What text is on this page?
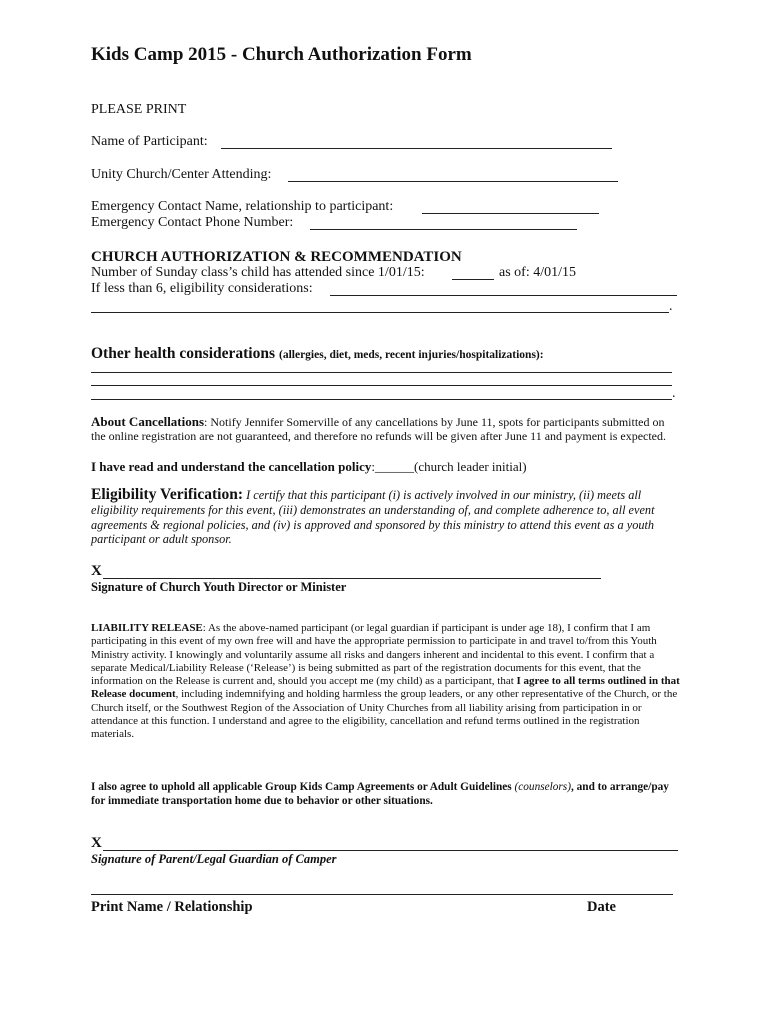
Kids Camp 2015 - Church Authorization Form
PLEASE PRINT
Name of Participant:
Unity Church/Center Attending:
Emergency Contact Name, relationship to participant:
Emergency Contact Phone Number:
CHURCH AUTHORIZATION & RECOMMENDATION
Number of Sunday class’s child has attended since 1/01/15:	as of: 4/01/15
If less than 6, eligibility considerations:
.
Other health considerations (allergies, diet, meds, recent injuries/hospitalizations):
.
About Cancellations: Notify Jennifer Somerville of any cancellations by June 11, spots for participants submitted on the online registration are not guaranteed, and therefore no refunds will be given after June 11 and payment is expected.
I have read and understand the cancellation policy:______(church leader initial)
Eligibility Verification: I certify that this participant (i) is actively involved in our ministry, (ii) meets all eligibility requirements for this event, (iii) demonstrates an understanding of, and complete adherence to, all event agreements & regional policies, and (iv) is approved and sponsored by this ministry to attend this event as a youth participant or adult sponsor.
X
Signature of Church Youth Director or Minister
LIABILITY RELEASE: As the above-named participant (or legal guardian if participant is under age 18), I confirm that I am participating in this event of my own free will and have the appropriate permission to participate in and travel to/from this Youth Ministry activity. I knowingly and voluntarily assume all risks and dangers inherent and incidental to this event. I confirm that a separate Medical/Liability Release (‘Release’) is being submitted as part of the registration documents for this event, that the information on the Release is current and, should you accept me (my child) as a participant, that I agree to all terms outlined in that Release document, including indemnifying and holding harmless the group leaders, or any other representative of the Church, or the Church itself, or the Southwest Region of the Association of Unity Churches from all liability arising from participation in or attendance at this function. I understand and agree to the eligibility, cancellation and refund terms outlined in the registration materials.
I also agree to uphold all applicable Group Kids Camp Agreements or Adult Guidelines (counselors), and to arrange/pay for immediate transportation home due to behavior or other situations.
X
Signature of Parent/Legal Guardian of Camper
Print Name / Relationship	Date
